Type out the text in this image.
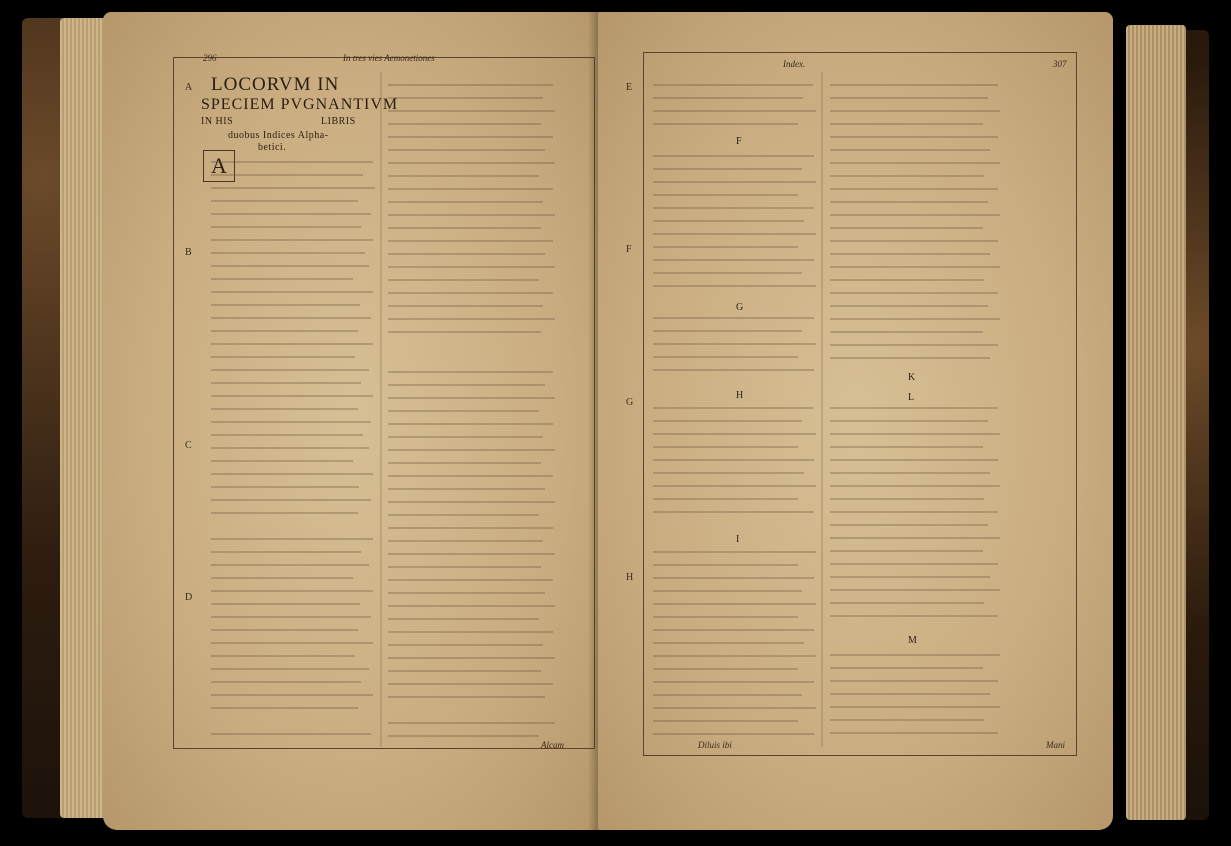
296	In tres vies Aemonetiones
LOCORVM IN
SPECIEM PVGNANTIVM
IN HIS	LIBRIS
duobus Indices Alpha-
betici.
A
A
B
C
D
Alcam
Index.	307
E
F
G
H
F
G
H
I
K
L
M
Diluis ibi	Mani
